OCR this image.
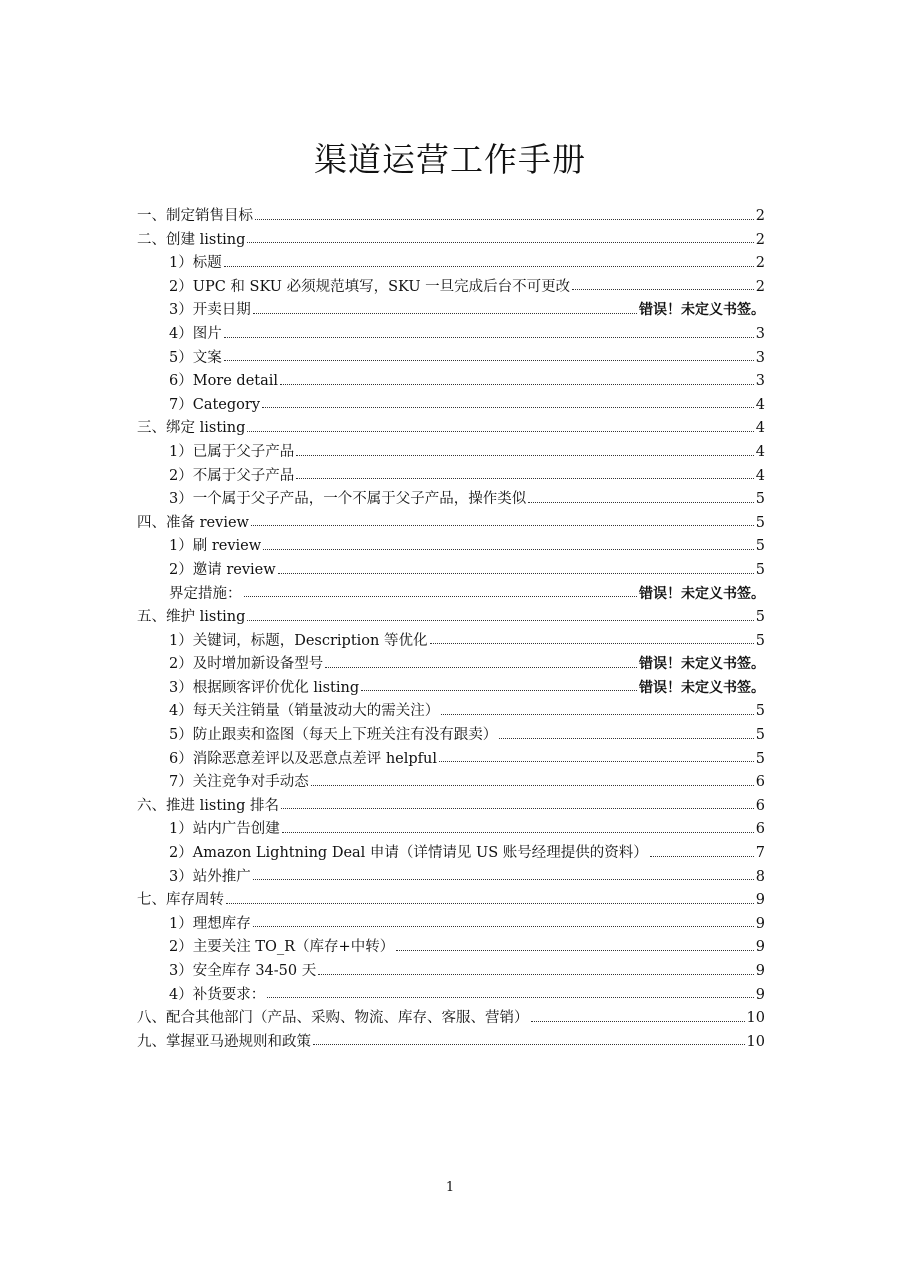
渠道运营工作手册
一、制定销售目标	2
二、创建 listing	2
1）标题	2
2）UPC 和 SKU 必须规范填写，SKU 一旦完成后台不可更改	2
3）开卖日期	错误！未定义书签。
4）图片	3
5）文案	3
6）More detail	3
7）Category	4
三、绑定 listing	4
1）已属于父子产品	4
2）不属于父子产品	4
3）一个属于父子产品，一个不属于父子产品，操作类似	5
四、准备 review	5
1）刷 review	5
2）邀请 review	5
界定措施：	错误！未定义书签。
五、维护 listing	5
1）关键词，标题，Description 等优化	5
2）及时增加新设备型号	错误！未定义书签。
3）根据顾客评价优化 listing	错误！未定义书签。
4）每天关注销量（销量波动大的需关注）	5
5）防止跟卖和盗图（每天上下班关注有没有跟卖）	5
6）消除恶意差评以及恶意点差评 helpful	5
7）关注竞争对手动态	6
六、推进 listing 排名	6
1）站内广告创建	6
2）Amazon Lightning Deal 申请（详情请见 US 账号经理提供的资料）	7
3）站外推广	8
七、库存周转	9
1）理想库存	9
2）主要关注 TO_R（库存+中转）	9
3）安全库存 34-50 天	9
4）补货要求：	9
八、配合其他部门（产品、采购、物流、库存、客服、营销）	10
九、掌握亚马逊规则和政策	10
1
